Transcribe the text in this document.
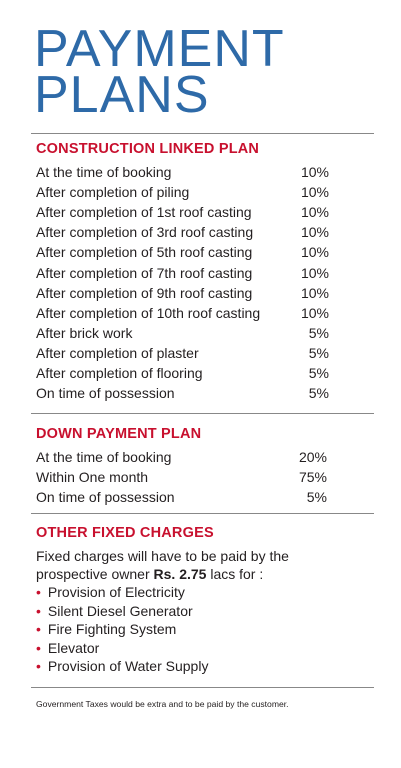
PAYMENT
PLANS
CONSTRUCTION LINKED PLAN
At the time of booking	10%
After completion of piling	10%
After completion of 1st roof casting	10%
After completion of 3rd roof casting	10%
After completion of 5th roof casting	10%
After completion of 7th roof casting	10%
After completion of 9th roof casting	10%
After completion of 10th roof casting	10%
After brick work	5%
After completion of plaster	5%
After completion of flooring	5%
On time of possession	5%
DOWN PAYMENT PLAN
At the time of booking	20%
Within One month	75%
On time of possession	5%
OTHER FIXED CHARGES
Fixed charges will have to be paid by the prospective owner Rs. 2.75 lacs for :
• Provision of Electricity
• Silent Diesel Generator
• Fire Fighting System
• Elevator
• Provision of Water Supply
Government Taxes would be extra and to be paid by the customer.
